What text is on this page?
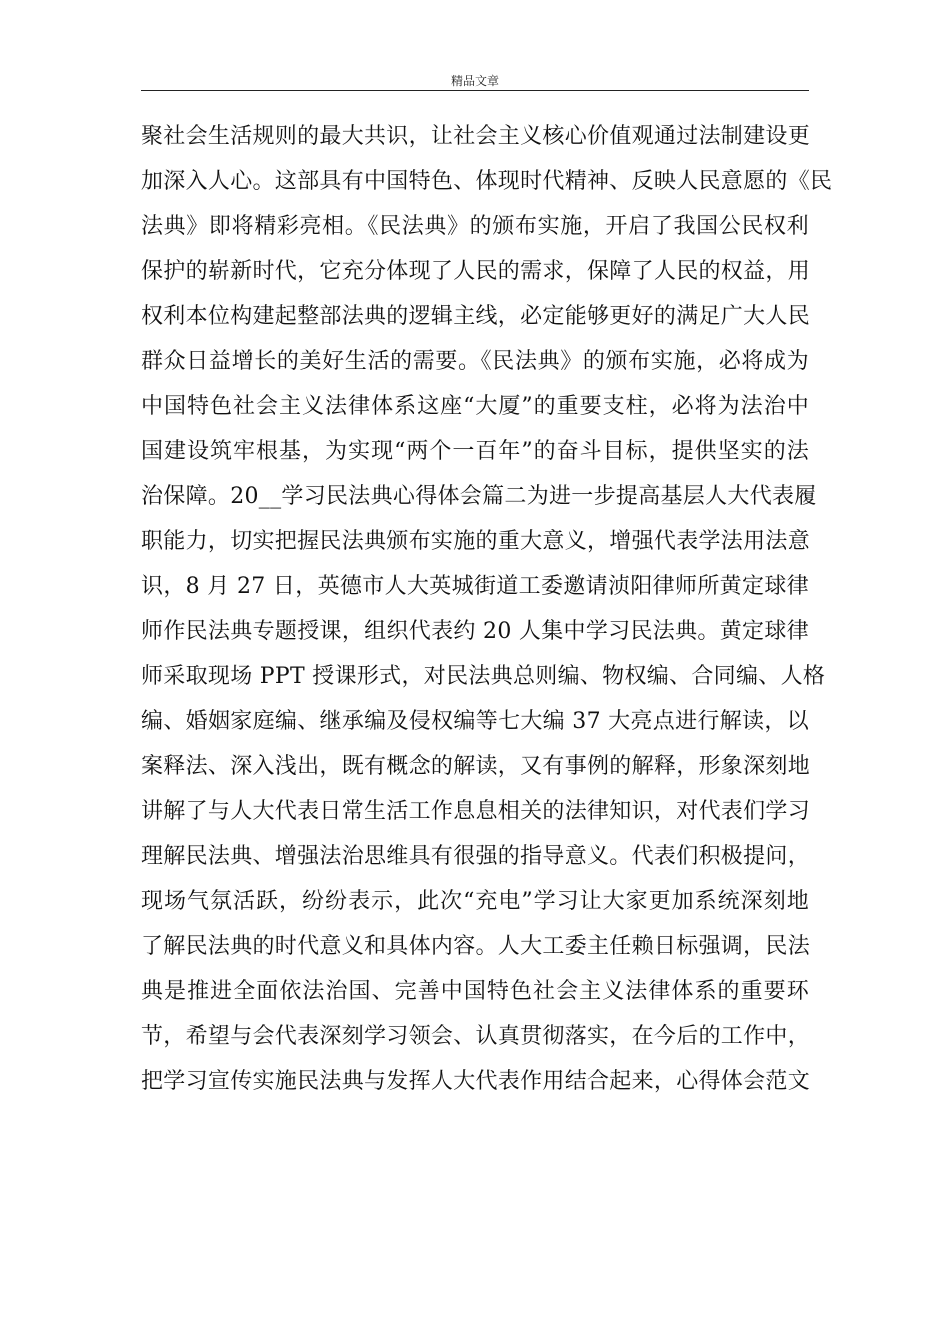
精品文章
聚社会生活规则的最大共识，让社会主义核心价值观通过法制建设更
加深入人心。这部具有中国特色、体现时代精神、反映人民意愿的《民
法典》即将精彩亮相。《民法典》的颁布实施，开启了我国公民权利
保护的崭新时代，它充分体现了人民的需求，保障了人民的权益，用
权利本位构建起整部法典的逻辑主线，必定能够更好的满足广大人民
群众日益增长的美好生活的需要。《民法典》的颁布实施，必将成为
中国特色社会主义法律体系这座“大厦”的重要支柱，必将为法治中
国建设筑牢根基，为实现“两个一百年”的奋斗目标，提供坚实的法
治保障。20__学习民法典心得体会篇二为进一步提高基层人大代表履
职能力，切实把握民法典颁布实施的重大意义，增强代表学法用法意
识，8 月 27 日，英德市人大英城街道工委邀请浈阳律师所黄定球律
师作民法典专题授课，组织代表约 20 人集中学习民法典。黄定球律
师采取现场 PPT 授课形式，对民法典总则编、物权编、合同编、人格
编、婚姻家庭编、继承编及侵权编等七大编 37 大亮点进行解读，以
案释法、深入浅出，既有概念的解读，又有事例的解释，形象深刻地
讲解了与人大代表日常生活工作息息相关的法律知识，对代表们学习
理解民法典、增强法治思维具有很强的指导意义。代表们积极提问，
现场气氛活跃，纷纷表示，此次“充电”学习让大家更加系统深刻地
了解民法典的时代意义和具体内容。人大工委主任赖日标强调，民法
典是推进全面依法治国、完善中国特色社会主义法律体系的重要环
节，希望与会代表深刻学习领会、认真贯彻落实，在今后的工作中，
把学习宣传实施民法典与发挥人大代表作用结合起来，心得体会范文
